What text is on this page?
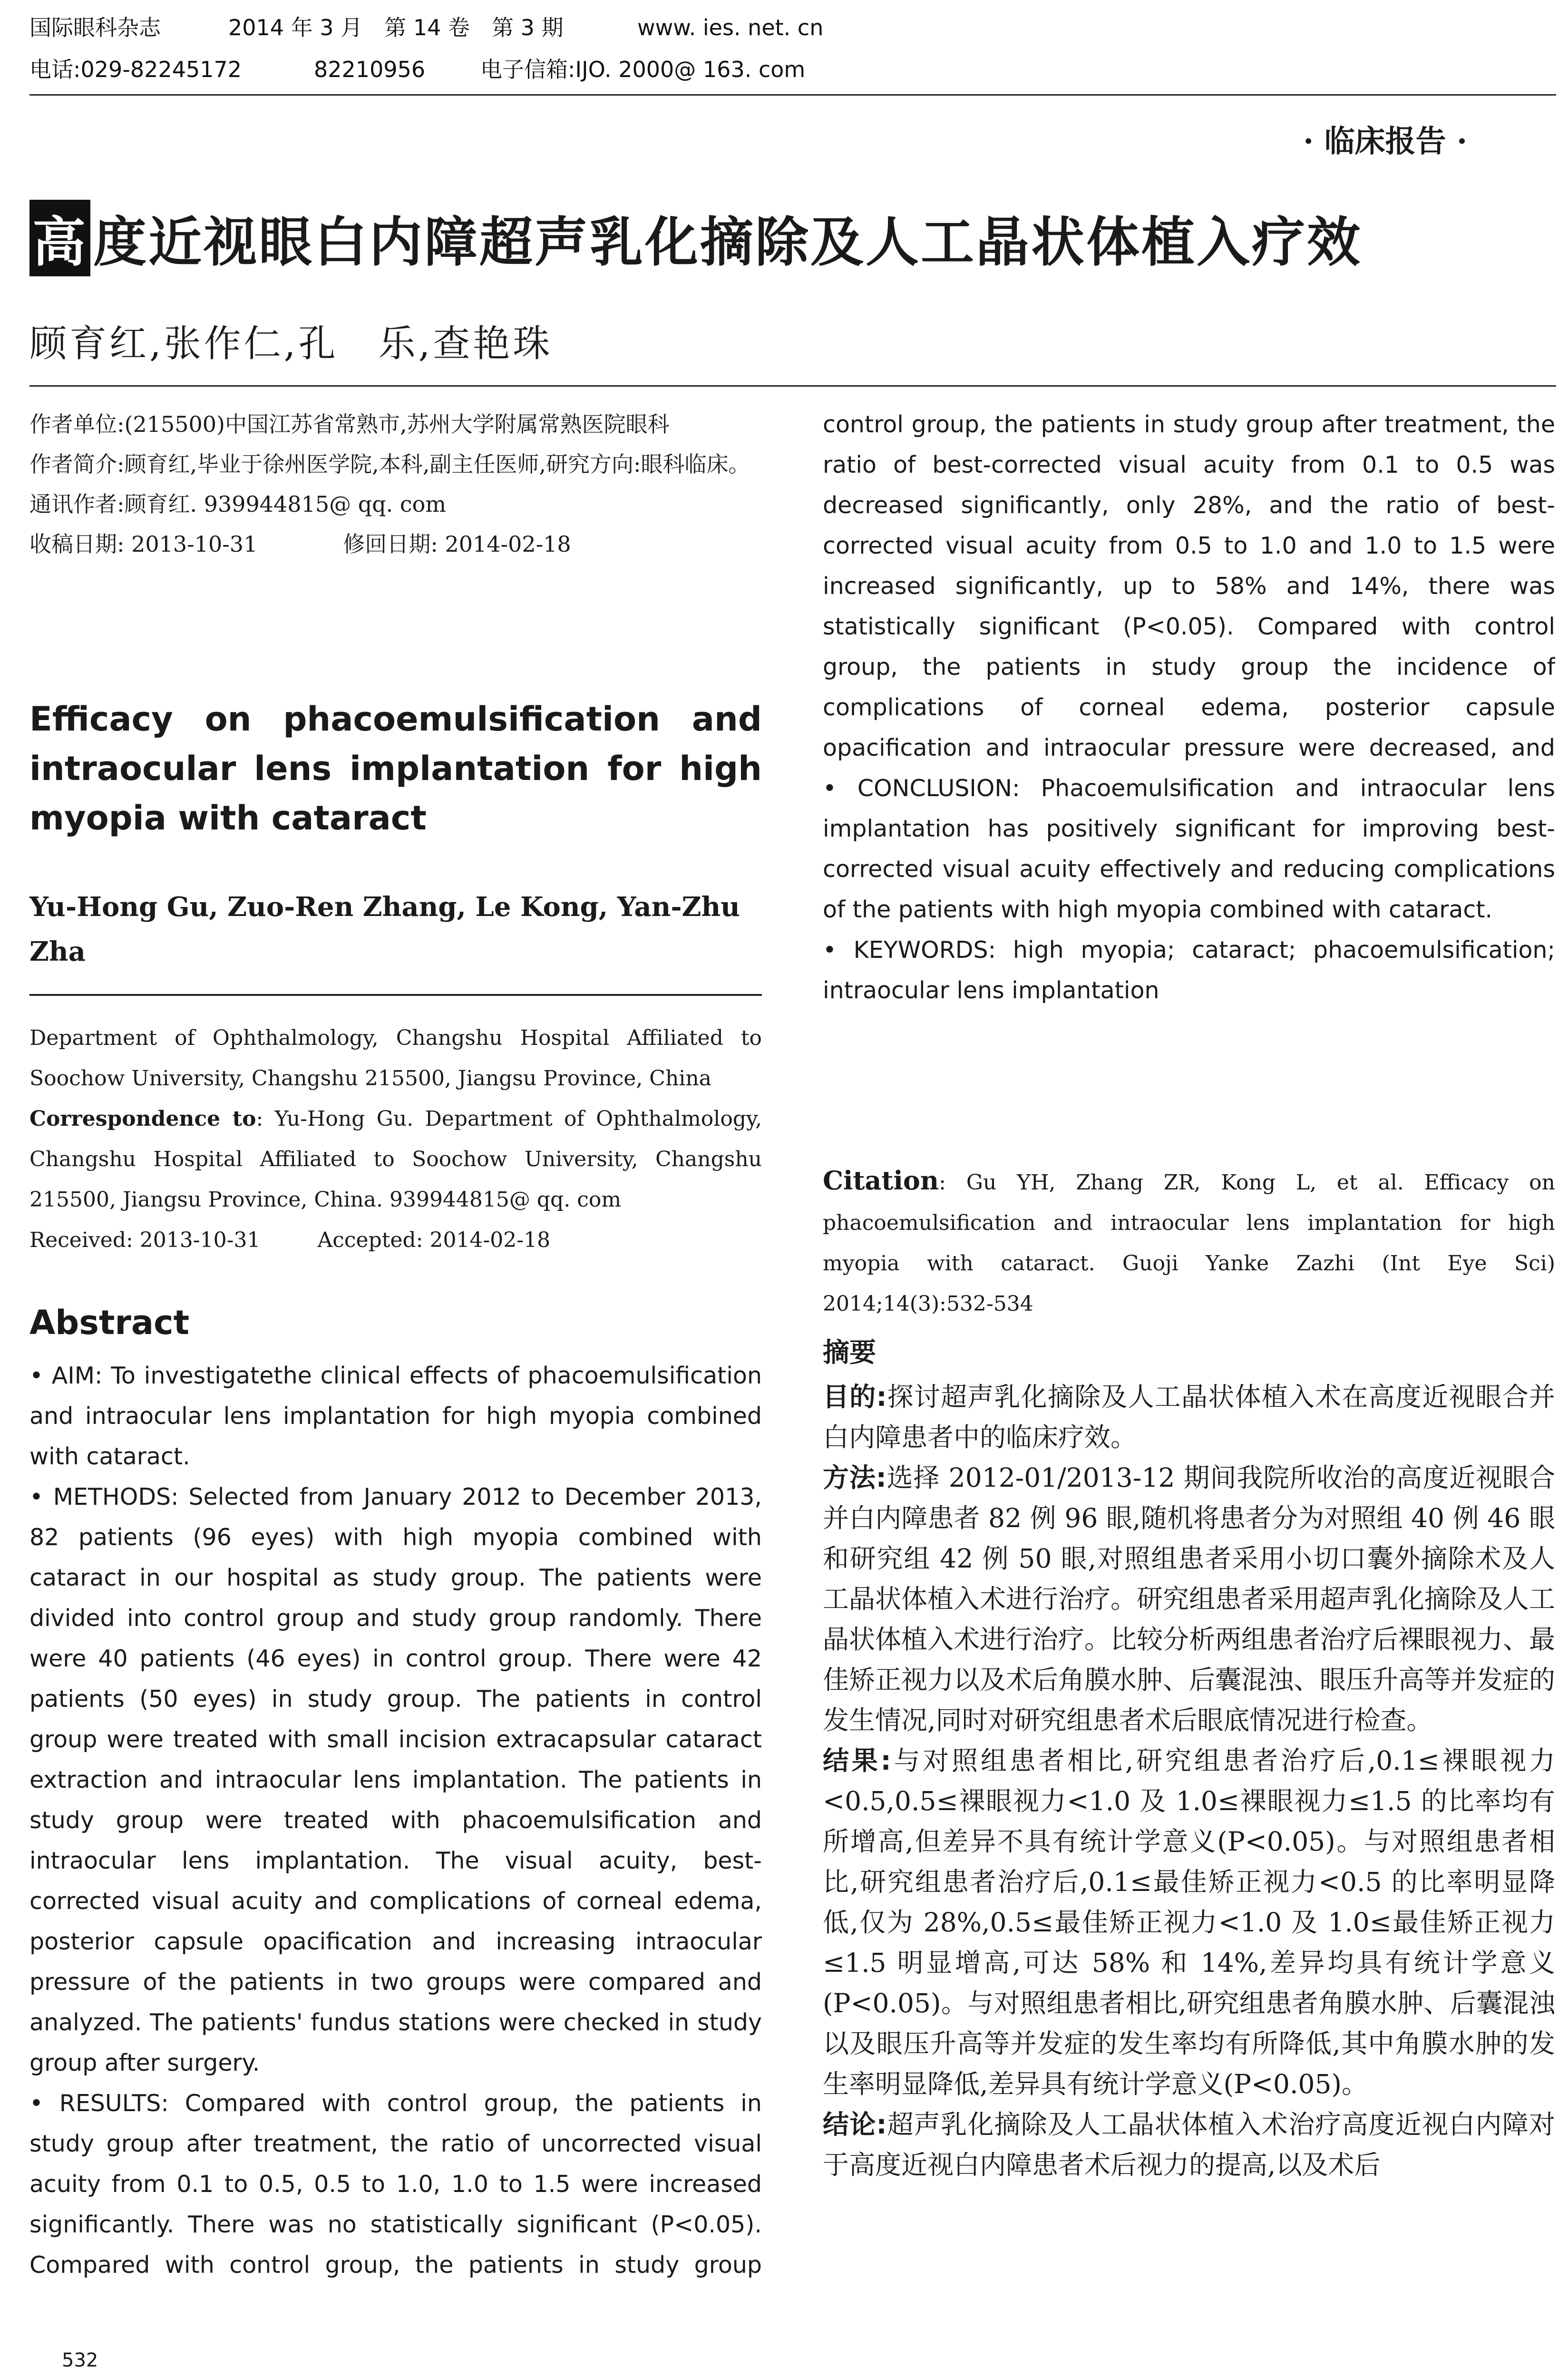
国际眼科杂志	2014 年 3 月　第 14 卷　第 3 期	www. ies. net. cn
电话:029-82245172	82210956	电子信箱:IJO. 2000@ 163. com
· 临床报告 ·
高 度近视眼白内障超声乳化摘除及人工晶状体植入疗效
顾育红,张作仁,孔　乐,查艳珠

作者单位:(215500)中国江苏省常熟市,苏州大学附属常熟医院眼科

作者简介:顾育红,毕业于徐州医学院,本科,副主任医师,研究方向:眼科临床。

通讯作者:顾育红. 939944815@ qq. com

收稿日期: 2013-10-31	修回日期: 2014-02-18

Efficacy on phacoemulsification and intraocular lens implantation for high myopia with cataract
Yu-Hong Gu, Zuo-Ren Zhang, Le Kong, Yan-Zhu Zha
Department of Ophthalmology, Changshu Hospital Affiliated to Soochow University, Changshu 215500, Jiangsu Province, China
Correspondence to: Yu-Hong Gu. Department of Ophthalmology, Changshu Hospital Affiliated to Soochow University, Changshu 215500, Jiangsu Province, China. 939944815@ qq. com
Received: 2013-10-31	Accepted: 2014-02-18
Abstract

• AIM: To investigatethe clinical effects of phacoemulsification and intraocular lens implantation for high myopia combined with cataract.

• METHODS: Selected from January 2012 to December 2013, 82 patients (96 eyes) with high myopia combined with cataract in our hospital as study group. The patients were divided into control group and study group randomly. There were 40 patients (46 eyes) in control group. There were 42 patients (50 eyes) in study group. The patients in control group were treated with small incision extracapsular cataract extraction and intraocular lens implantation. The patients in study group were treated with phacoemulsification and intraocular lens implantation. The visual acuity, best-corrected visual acuity and complications of corneal edema, posterior capsule opacification and increasing intraocular pressure of the patients in two groups were compared and analyzed. The patients' fundus stations were checked in study group after surgery.

• RESULTS: Compared with control group, the patients in study group after treatment, the ratio of uncorrected visual acuity from 0.1 to 0.5, 0.5 to 1.0, 1.0 to 1.5 were increased significantly. There was no statistically significant (P<0.05). Compared with control group, the patients in study group

532

control group, the patients in study group after treatment, the ratio of best-corrected visual acuity from 0.1 to 0.5 was decreased significantly, only 28%, and the ratio of best-corrected visual acuity from 0.5 to 1.0 and 1.0 to 1.5 were increased significantly, up to 58% and 14%, there was statistically significant (P<0.05). Compared with control group, the patients in study group the incidence of complications of corneal edema, posterior capsule opacification and intraocular pressure were decreased, and

• CONCLUSION: Phacoemulsification and intraocular lens implantation has positively significant for improving best-corrected visual acuity effectively and reducing complications of the patients with high myopia combined with cataract.

• KEYWORDS: high myopia; cataract; phacoemulsification; intraocular lens implantation

Citation: Gu YH, Zhang ZR, Kong L, et al. Efficacy on phacoemulsification and intraocular lens implantation for high myopia with cataract. Guoji Yanke Zazhi (Int Eye Sci) 2014;14(3):532-534

摘要

目的:探讨超声乳化摘除及人工晶状体植入术在高度近视眼合并白内障患者中的临床疗效。

方法:选择 2012-01/2013-12 期间我院所收治的高度近视眼合并白内障患者 82 例 96 眼,随机将患者分为对照组 40 例 46 眼和研究组 42 例 50 眼,对照组患者采用小切口囊外摘除术及人工晶状体植入术进行治疗。研究组患者采用超声乳化摘除及人工晶状体植入术进行治疗。比较分析两组患者治疗后裸眼视力、最佳矫正视力以及术后角膜水肿、后囊混浊、眼压升高等并发症的发生情况,同时对研究组患者术后眼底情况进行检查。

结果:与对照组患者相比,研究组患者治疗后,0.1≤裸眼视力<0.5,0.5≤裸眼视力<1.0 及 1.0≤裸眼视力≤1.5 的比率均有所增高,但差异不具有统计学意义(P<0.05)。与对照组患者相比,研究组患者治疗后,0.1≤最佳矫正视力<0.5 的比率明显降低,仅为 28%,0.5≤最佳矫正视力<1.0 及 1.0≤最佳矫正视力≤1.5 明显增高,可达 58% 和 14%,差异均具有统计学意义(P<0.05)。与对照组患者相比,研究组患者角膜水肿、后囊混浊以及眼压升高等并发症的发生率均有所降低,其中角膜水肿的发生率明显降低,差异具有统计学意义(P<0.05)。

结论:超声乳化摘除及人工晶状体植入术治疗高度近视白内障对于高度近视白内障患者术后视力的提高,以及术后
